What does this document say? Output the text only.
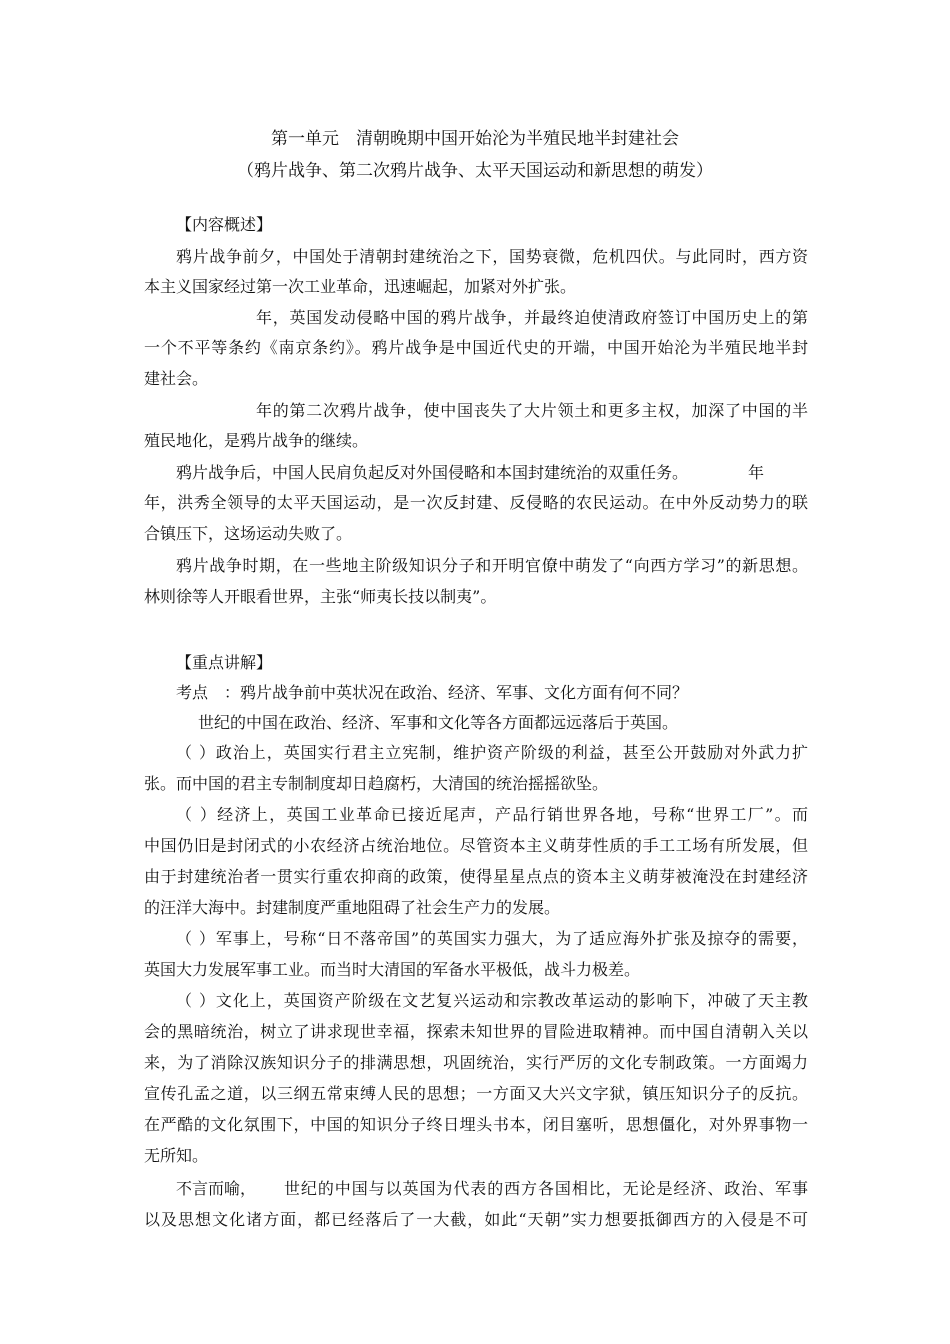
第一单元　清朝晚期中国开始沦为半殖民地半封建社会
（鸦片战争、第二次鸦片战争、太平天国运动和新思想的萌发）
【内容概述】
鸦片战争前夕，中国处于清朝封建统治之下，国势衰微，危机四伏。与此同时，西方资
本主义国家经过第一次工业革命，迅速崛起，加紧对外扩张。
年，英国发动侵略中国的鸦片战争，并最终迫使清政府签订中国历史上的第
一个不平等条约《南京条约》。鸦片战争是中国近代史的开端，中国开始沦为半殖民地半封
建社会。
年的第二次鸦片战争，使中国丧失了大片领土和更多主权，加深了中国的半
殖民地化，是鸦片战争的继续。
鸦片战争后，中国人民肩负起反对外国侵略和本国封建统治的双重任务。	年
年，洪秀全领导的太平天国运动，是一次反封建、反侵略的农民运动。在中外反动势力的联
合镇压下，这场运动失败了。
鸦片战争时期，在一些地主阶级知识分子和开明官僚中萌发了“向西方学习”的新思想。
林则徐等人开眼看世界，主张“师夷长技以制夷”。
【重点讲解】
考点　：鸦片战争前中英状况在政治、经济、军事、文化方面有何不同？
世纪的中国在政治、经济、军事和文化等各方面都远远落后于英国。
（ ）政治上，英国实行君主立宪制，维护资产阶级的利益，甚至公开鼓励对外武力扩
张。而中国的君主专制制度却日趋腐朽，大清国的统治摇摇欲坠。
（ ）经济上，英国工业革命已接近尾声，产品行销世界各地，号称“世界工厂”。而
中国仍旧是封闭式的小农经济占统治地位。尽管资本主义萌芽性质的手工工场有所发展，但
由于封建统治者一贯实行重农抑商的政策，使得星星点点的资本主义萌芽被淹没在封建经济
的汪洋大海中。封建制度严重地阻碍了社会生产力的发展。
（ ）军事上，号称“日不落帝国”的英国实力强大，为了适应海外扩张及掠夺的需要，
英国大力发展军事工业。而当时大清国的军备水平极低，战斗力极差。
（ ）文化上，英国资产阶级在文艺复兴运动和宗教改革运动的影响下，冲破了天主教
会的黑暗统治，树立了讲求现世幸福，探索未知世界的冒险进取精神。而中国自清朝入关以
来，为了消除汉族知识分子的排满思想，巩固统治，实行严厉的文化专制政策。一方面竭力
宣传孔孟之道，以三纲五常束缚人民的思想；一方面又大兴文字狱，镇压知识分子的反抗。
在严酷的文化氛围下，中国的知识分子终日埋头书本，闭目塞听，思想僵化，对外界事物一
无所知。
不言而喻， 世纪的中国与以英国为代表的西方各国相比，无论是经济、政治、军事
以及思想文化诸方面，都已经落后了一大截，如此“天朝”实力想要抵御西方的入侵是不可
